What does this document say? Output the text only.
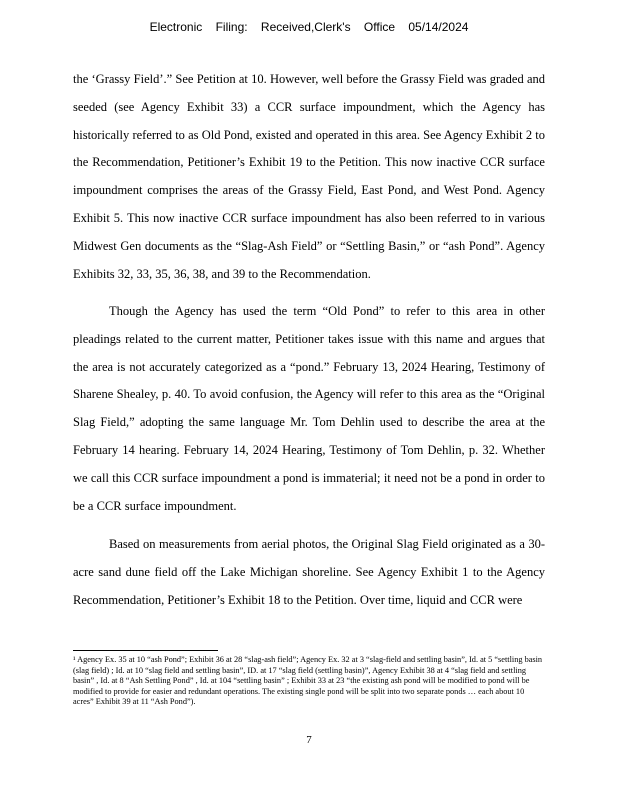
Electronic Filing: Received,Clerk's Office 05/14/2024

the ‘Grassy Field’.” See Petition at 10. However, well before the Grassy Field was graded and seeded (see Agency Exhibit 33) a CCR surface impoundment, which the Agency has historically referred to as Old Pond, existed and operated in this area. See Agency Exhibit 2 to the Recommendation, Petitioner’s Exhibit 19 to the Petition. This now inactive CCR surface impoundment comprises the areas of the Grassy Field, East Pond, and West Pond. Agency Exhibit 5. This now inactive CCR surface impoundment has also been referred to in various Midwest Gen documents as the “Slag-Ash Field” or “Settling Basin,” or “ash Pond”. Agency Exhibits 32, 33, 35, 36, 38, and 39 to the Recommendation.

Though the Agency has used the term “Old Pond” to refer to this area in other pleadings related to the current matter, Petitioner takes issue with this name and argues that the area is not accurately categorized as a “pond.” February 13, 2024 Hearing, Testimony of Sharene Shealey, p. 40. To avoid confusion, the Agency will refer to this area as the “Original Slag Field,” adopting the same language Mr. Tom Dehlin used to describe the area at the February 14 hearing. February 14, 2024 Hearing, Testimony of Tom Dehlin, p. 32. Whether we call this CCR surface impoundment a pond is immaterial; it need not be a pond in order to be a CCR surface impoundment.

Based on measurements from aerial photos, the Original Slag Field originated as a 30-acre sand dune field off the Lake Michigan shoreline. See Agency Exhibit 1 to the Agency Recommendation, Petitioner’s Exhibit 18 to the Petition. Over time, liquid and CCR were

¹ Agency Ex. 35 at 10 “ash Pond”; Exhibit 36 at 28 “slag-ash field”; Agency Ex. 32 at 3 “slag-field and settling basin”, Id. at 5 “settling basin (slag field) ; Id. at 10 “slag field and settling basin”, ID. at 17 “slag field (settling basin)”, Agency Exhibit 38 at 4 “slag field and settling basin” , Id. at 8 “Ash Settling Pond” , Id. at 104 “settling basin” ; Exhibit 33 at 23 “the existing ash pond will be modified to pond will be modified to provide for easier and redundant operations. The existing single pond will be split into two separate ponds … each about 10 acres” Exhibit 39 at 11 “Ash Pond”).

7
